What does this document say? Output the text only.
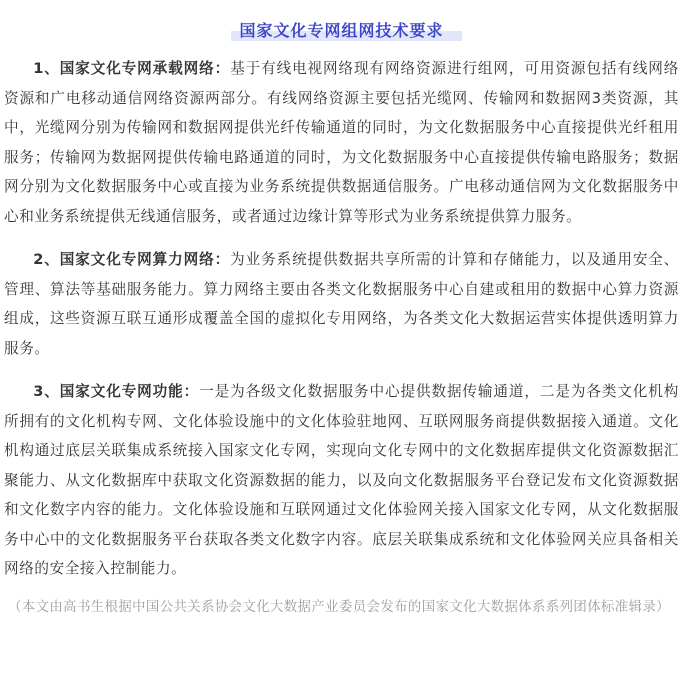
国家文化专网组网技术要求

1、国家文化专网承载网络：基于有线电视网络现有网络资源进行组网，可用资源包括有线网络资源和广电移动通信网络资源两部分。有线网络资源主要包括光缆网、传输网和数据网3类资源，其中，光缆网分别为传输网和数据网提供光纤传输通道的同时，为文化数据服务中心直接提供光纤租用服务；传输网为数据网提供传输电路通道的同时，为文化数据服务中心直接提供传输电路服务；数据网分别为文化数据服务中心或直接为业务系统提供数据通信服务。广电移动通信网为文化数据服务中心和业务系统提供无线通信服务，或者通过边缘计算等形式为业务系统提供算力服务。

2、国家文化专网算力网络：为业务系统提供数据共享所需的计算和存储能力，以及通用安全、管理、算法等基础服务能力。算力网络主要由各类文化数据服务中心自建或租用的数据中心算力资源组成，这些资源互联互通形成覆盖全国的虚拟化专用网络，为各类文化大数据运营实体提供透明算力服务。

3、国家文化专网功能：一是为各级文化数据服务中心提供数据传输通道，二是为各类文化机构所拥有的文化机构专网、文化体验设施中的文化体验驻地网、互联网服务商提供数据接入通道。文化机构通过底层关联集成系统接入国家文化专网，实现向文化专网中的文化数据库提供文化资源数据汇聚能力、从文化数据库中获取文化资源数据的能力，以及向文化数据服务平台登记发布文化资源数据和文化数字内容的能力。文化体验设施和互联网通过文化体验网关接入国家文化专网，从文化数据服务中心中的文化数据服务平台获取各类文化数字内容。底层关联集成系统和文化体验网关应具备相关网络的安全接入控制能力。

（本文由高书生根据中国公共关系协会文化大数据产业委员会发布的国家文化大数据体系系列团体标准辑录）
